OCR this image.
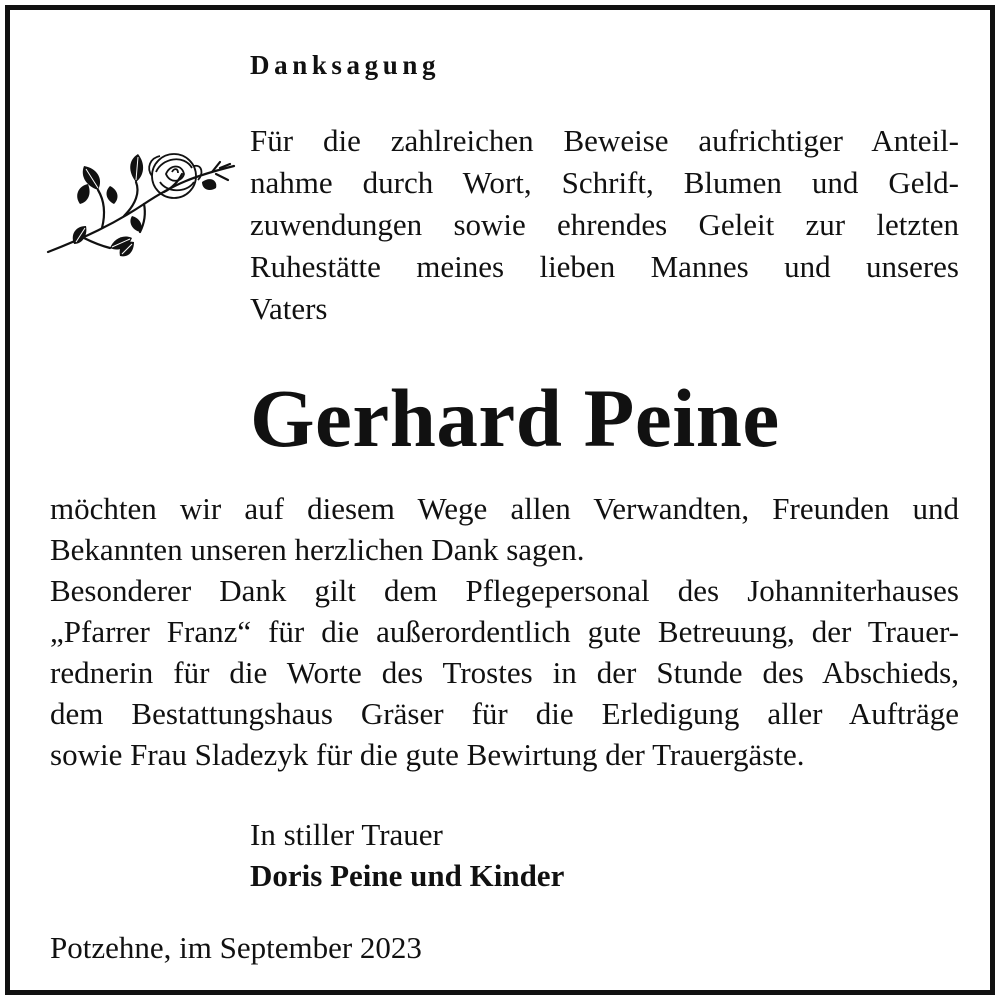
Danksagung
Für die zahlreichen Beweise aufrichtiger Anteil-
nahme durch Wort, Schrift, Blumen und Geld-
zuwendungen sowie ehrendes Geleit zur letzten
Ruhestätte meines lieben Mannes und unseres
Vaters
Gerhard Peine
möchten wir auf diesem Wege allen Verwandten, Freunden und
Bekannten unseren herzlichen Dank sagen.
Besonderer Dank gilt dem Pflegepersonal des Johanniterhauses
„Pfarrer Franz“ für die außerordentlich gute Betreuung, der Trauer-
rednerin für die Worte des Trostes in der Stunde des Abschieds,
dem Bestattungshaus Gräser für die Erledigung aller Aufträge
sowie Frau Sladezyk für die gute Bewirtung der Trauergäste.
In stiller Trauer
Doris Peine und Kinder
Potzehne, im September 2023
